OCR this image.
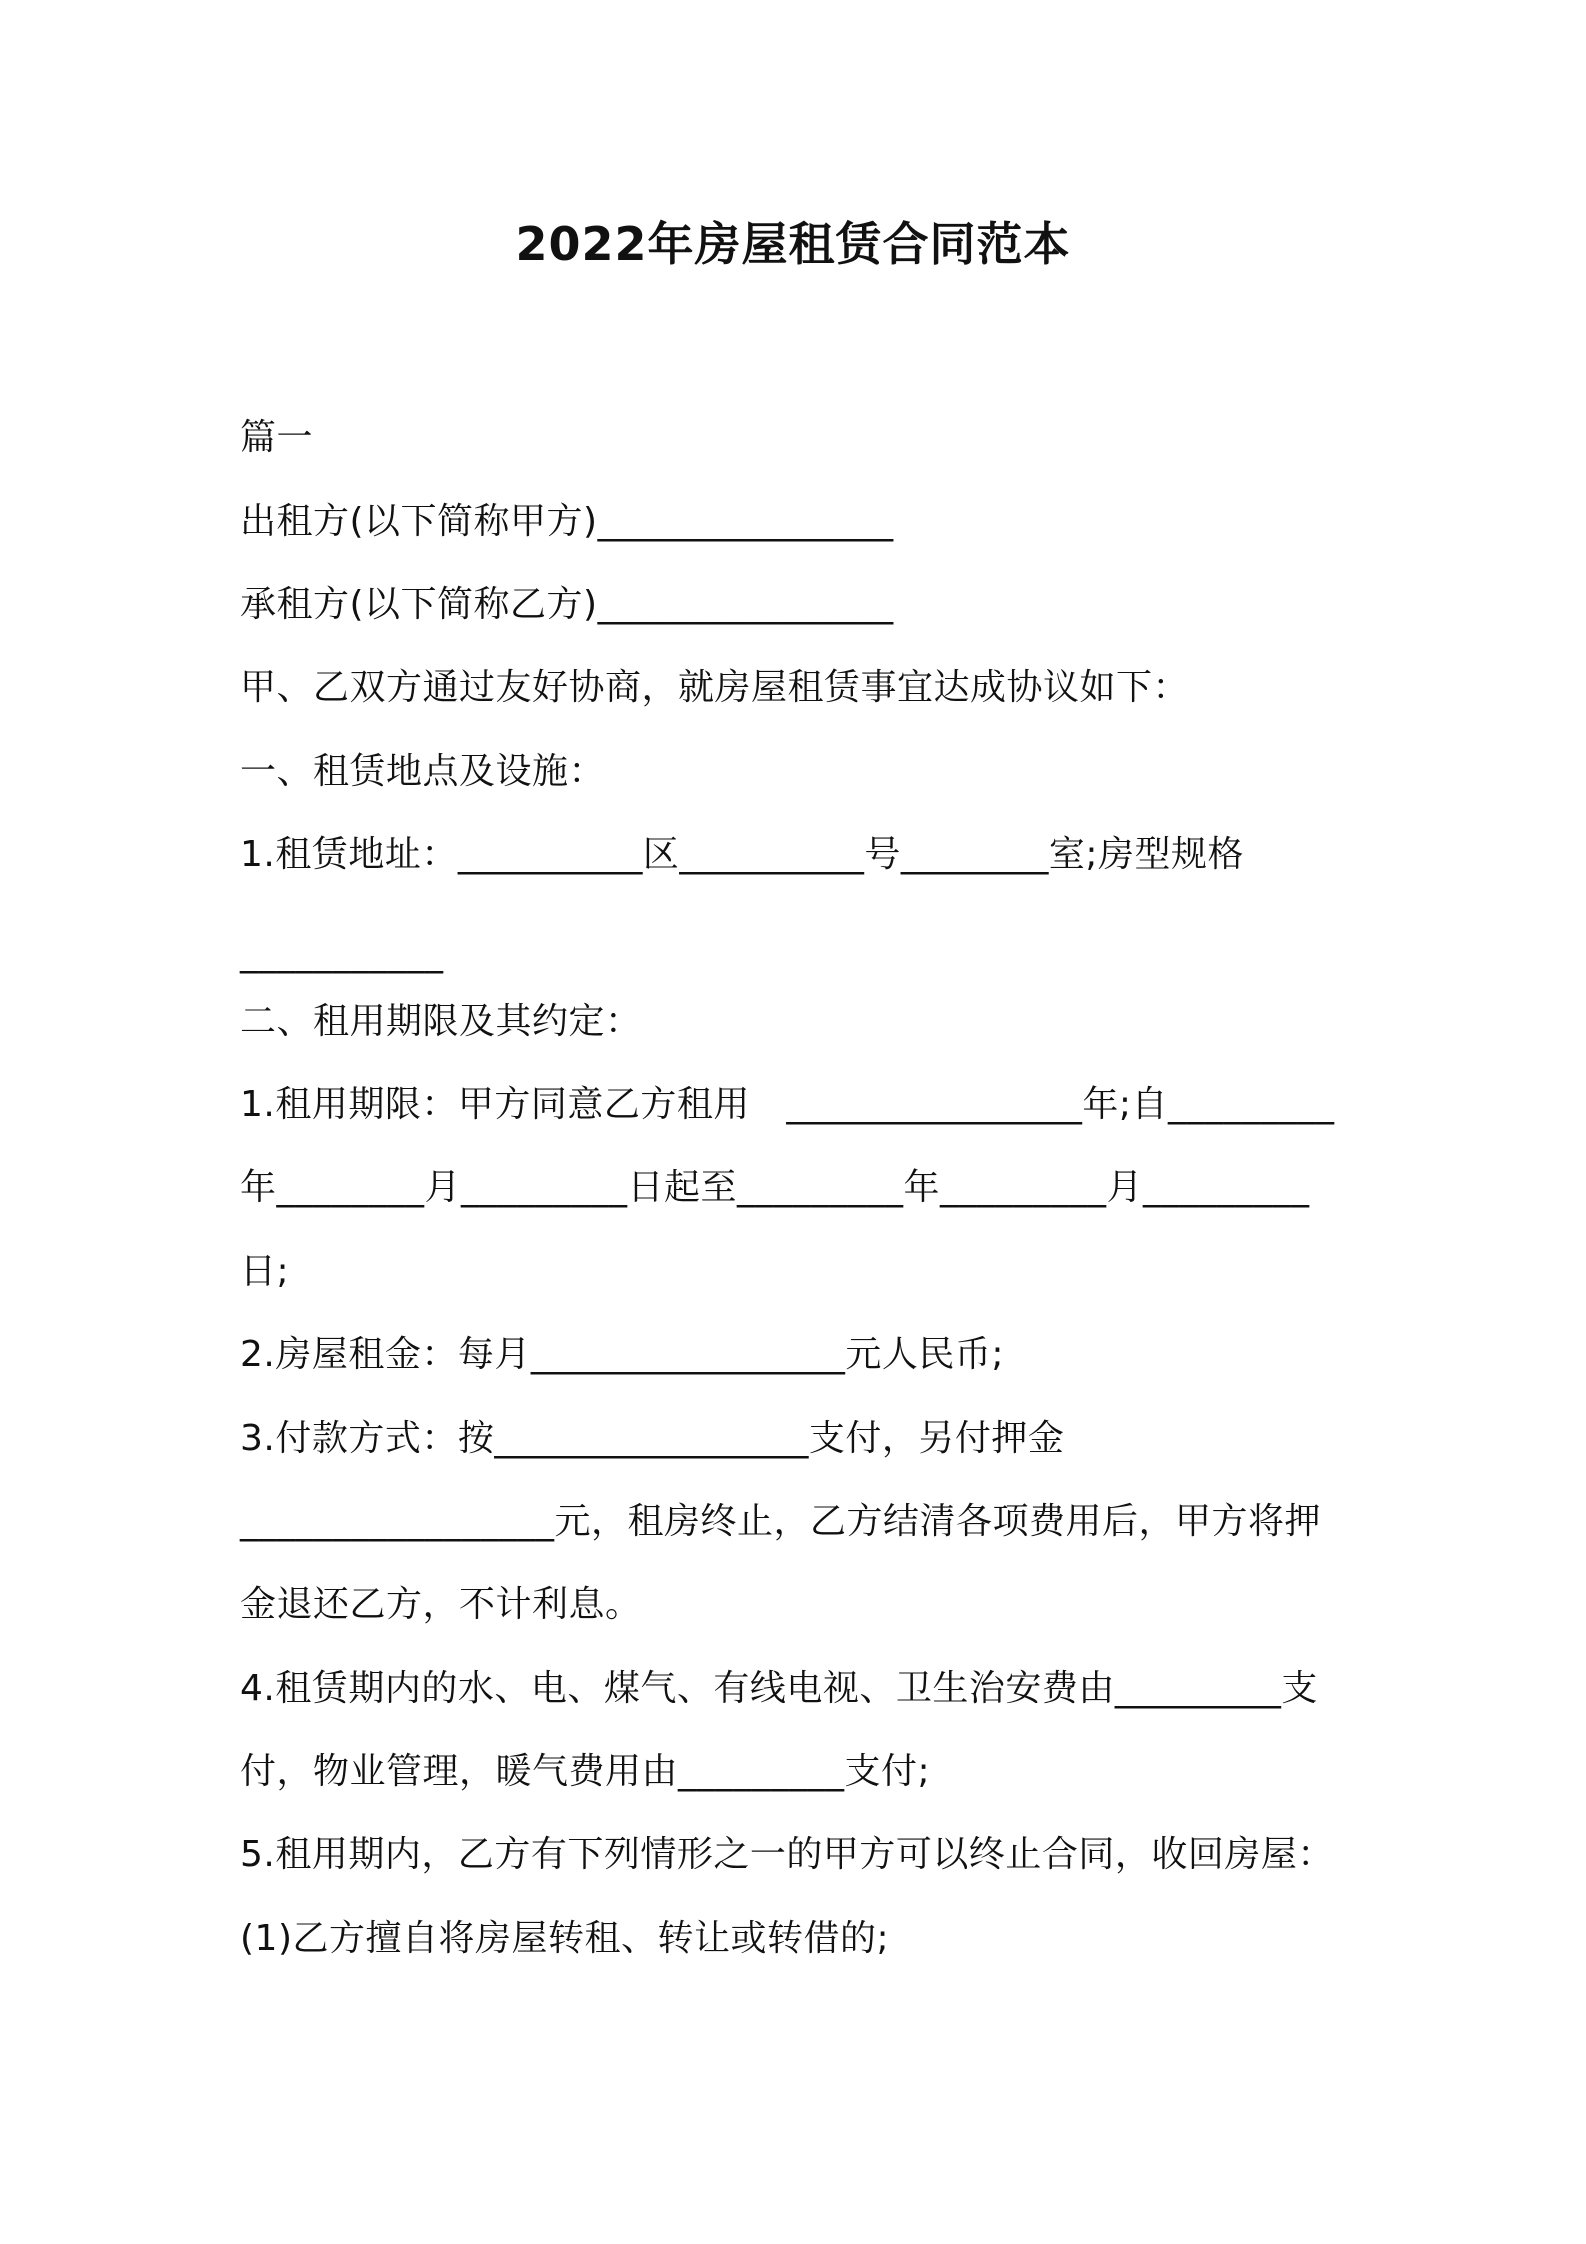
2022年房屋租赁合同范本
篇一
出租方(以下简称甲方)________________
承租方(以下简称乙方)________________
甲、乙双方通过友好协商，就房屋租赁事宜达成协议如下：
一、租赁地点及设施：
1.租赁地址：__________区__________号________室;房型规格
___________
二、租用期限及其约定：
1.租用期限：甲方同意乙方租用　________________年;自_________
年________月_________日起至_________年_________月_________
日;
2.房屋租金：每月_________________元人民币;
3.付款方式：按_________________支付，另付押金
_________________元，租房终止，乙方结清各项费用后，甲方将押
金退还乙方，不计利息。
4.租赁期内的水、电、煤气、有线电视、卫生治安费由_________支
付，物业管理，暖气费用由_________支付;
5.租用期内，乙方有下列情形之一的甲方可以终止合同，收回房屋：
(1)乙方擅自将房屋转租、转让或转借的;
